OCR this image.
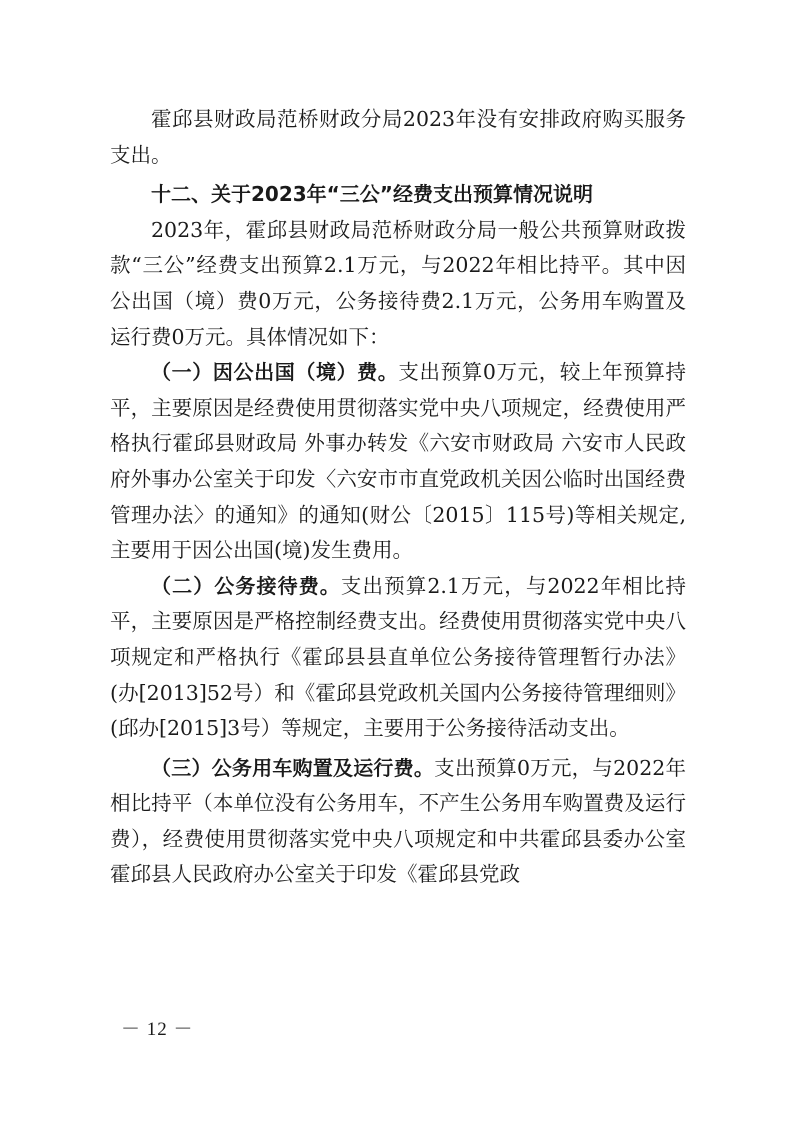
霍邱县财政局范桥财政分局2023年没有安排政府购买服务支出。

十二、关于2023年“三公”经费支出预算情况说明

2023年，霍邱县财政局范桥财政分局一般公共预算财政拨款“三公”经费支出预算2.1万元，与2022年相比持平。其中因公出国（境）费0万元，公务接待费2.1万元，公务用车购置及运行费0万元。具体情况如下：

（一）因公出国（境）费。支出预算0万元，较上年预算持平，主要原因是经费使用贯彻落实党中央八项规定，经费使用严格执行霍邱县财政局 外事办转发《六安市财政局 六安市人民政府外事办公室关于印发〈六安市市直党政机关因公临时出国经费管理办法〉的通知》的通知(财公〔2015〕115号)等相关规定,主要用于因公出国(境)发生费用。

（二）公务接待费。支出预算2.1万元，与2022年相比持平，主要原因是严格控制经费支出。经费使用贯彻落实党中央八项规定和严格执行《霍邱县县直单位公务接待管理暂行办法》(办[2013]52号）和《霍邱县党政机关国内公务接待管理细则》(邱办[2015]3号）等规定，主要用于公务接待活动支出。

（三）公务用车购置及运行费。支出预算0万元，与2022年相比持平（本单位没有公务用车，不产生公务用车购置费及运行费），经费使用贯彻落实党中央八项规定和中共霍邱县委办公室 霍邱县人民政府办公室关于印发《霍邱县党政

－ 12 －
